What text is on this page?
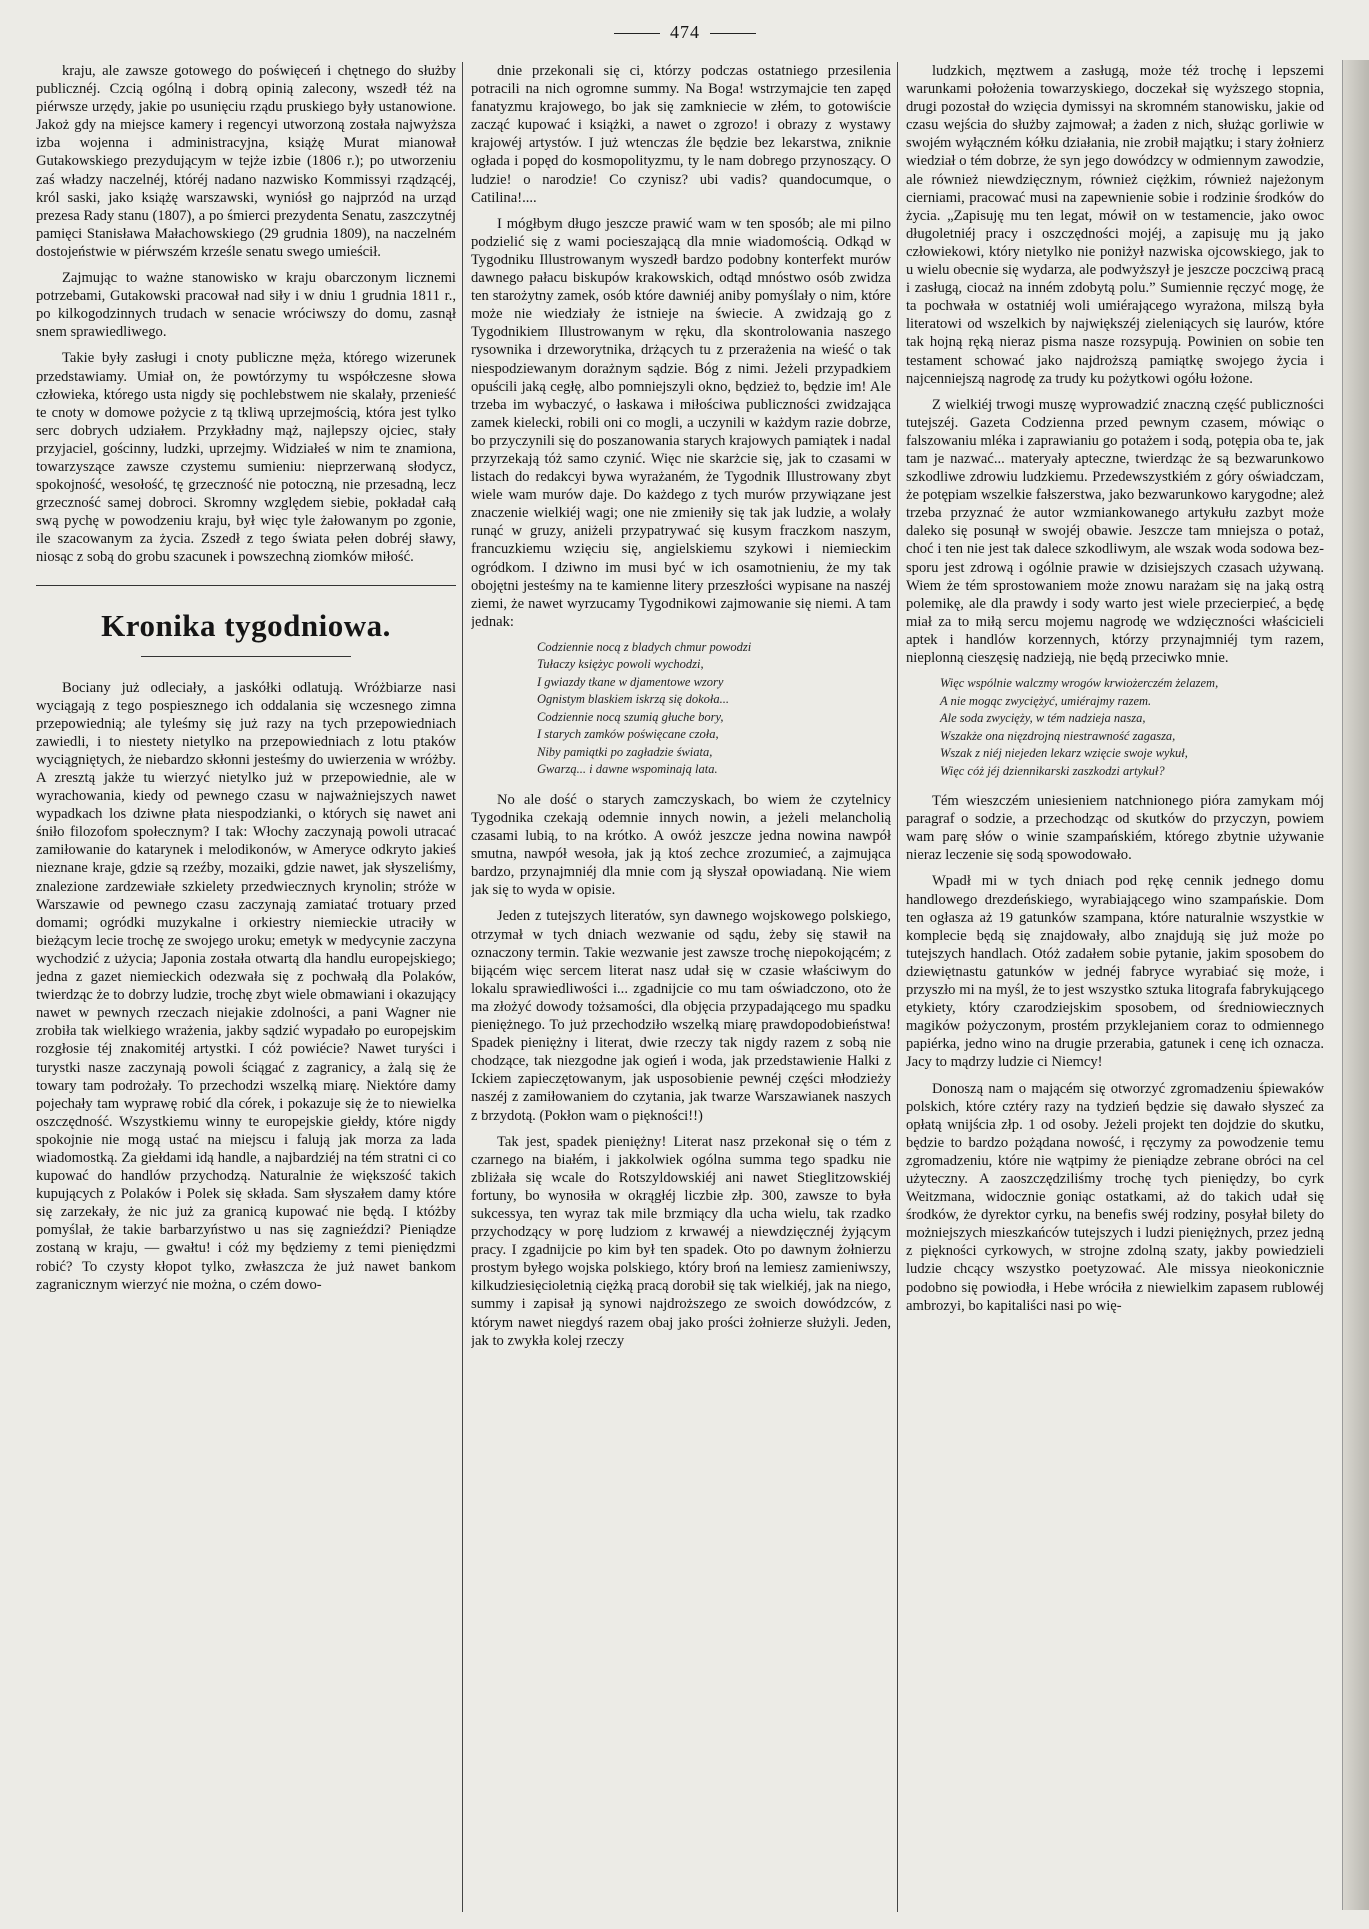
474

kraju, ale zawsze gotowego do poświęceń i chętnego do służby publicznéj. Czcią ogólną i dobrą opinią zalecony, wszedł téż na piérwsze urzędy, jakie po usunięciu rządu pruskiego były ustanowione. Jakoż gdy na miejsce kamery i regencyi utworzoną została najwyższa izba wojenna i administracyjna, książę Murat mianował Gutakowskiego prezydującym w tejże izbie (1806 r.); po utworzeniu zaś władzy naczelnéj, któréj nadano nazwisko Kommissyi rządzącéj, król saski, jako książę warszawski, wyniósł go najprzód na urząd prezesa Rady stanu (1807), a po śmierci prezydenta Senatu, zaszczytnéj pamięci Stanisława Małachowskiego (29 grudnia 1809), na naczelném dostojeństwie w piérwszém krześle senatu swego umieścił.

Zajmując to ważne stanowisko w kraju obarczonym licznemi potrzebami, Gutakowski pracował nad siły i w dniu 1 grudnia 1811 r., po kilkogodzinnych trudach w senacie wróciwszy do domu, zasnął snem sprawiedliwego.

Takie były zasługi i cnoty publiczne męża, którego wizerunek przedstawiamy. Umiał on, że powtórzymy tu współczesne słowa człowieka, którego usta nigdy się pochlebstwem nie skalały, przenieść te cnoty w domowe pożycie z tą tkliwą uprzejmością, która jest tylko serc dobrych udziałem. Przykładny mąż, najlepszy ojciec, stały przyjaciel, gościnny, ludzki, uprzejmy. Widziałeś w nim te znamiona, towarzyszące zawsze czystemu sumieniu: nieprzerwaną słodycz, spokojność, wesołość, tę grzeczność nie potoczną, nie przesadną, lecz grzeczność samej dobroci. Skromny względem siebie, pokładał całą swą pychę w powodzeniu kraju, był więc tyle żałowanym po zgonie, ile szacowanym za życia. Zszedł z tego świata pełen dobréj sławy, niosąc z sobą do grobu szacunek i powszechną ziomków miłość.

Kronika tygodniowa.

Bociany już odleciały, a jaskółki odlatują. Wróżbiarze nasi wyciągają z tego pospiesznego ich oddalania się wczesnego zimna przepowiednią; ale tyleśmy się już razy na tych przepowiedniach zawiedli, i to niestety nietylko na przepowiedniach z lotu ptaków wyciągniętych, że niebardzo skłonni jesteśmy do uwierzenia w wróżby. A zresztą jakże tu wierzyć nietylko już w przepowiednie, ale w wyrachowania, kiedy od pewnego czasu w najważniejszych nawet wypadkach los dziwne płata niespodzianki, o których się nawet ani śniło filozofom społecznym? I tak: Włochy zaczynają powoli utracać zamiłowanie do katarynek i melodikonów, w Ameryce odkryto jakieś nieznane kraje, gdzie są rzeźby, mozaiki, gdzie nawet, jak słyszeliśmy, znalezione zardzewiałe szkielety przedwiecznych krynolin; stróże w Warszawie od pewnego czasu zaczynają zamiatać trotuary przed domami; ogródki muzykalne i orkiestry niemieckie utraciły w bieżącym lecie trochę ze swojego uroku; emetyk w medycynie zaczyna wychodzić z użycia; Japonia została otwartą dla handlu europejskiego; jedna z gazet niemieckich odezwała się z pochwałą dla Polaków, twierdząc że to dobrzy ludzie, trochę zbyt wiele obmawiani i okazujący nawet w pewnych rzeczach niejakie zdolności, a pani Wagner nie zrobiła tak wielkiego wrażenia, jakby sądzić wypadało po europejskim rozgłosie téj znakomitéj artystki. I cóż powiécie? Nawet turyści i turystki nasze zaczynają powoli ściągać z zagranicy, a żalą się że towary tam podrożały. To przechodzi wszelką miarę. Niektóre damy pojechały tam wyprawę robić dla córek, i pokazuje się że to niewielka oszczędność. Wszystkiemu winny te europejskie giełdy, które nigdy spokojnie nie mogą ustać na miejscu i falują jak morza za lada wiadomostką. Za giełdami idą handle, a najbardziéj na tém stratni ci co kupować do handlów przychodzą. Naturalnie że większość takich kupujących z Polaków i Polek się składa. Sam słyszałem damy które się zarzekały, że nic już za granicą kupować nie będą. I któżby pomyślał, że takie barbarzyństwo u nas się zagnieździ? Pieniądze zostaną w kraju, — gwałtu! i cóż my będziemy z temi pieniędzmi robić? To czysty kłopot tylko, zwłaszcza że już nawet bankom zagranicznym wierzyć nie można, o czém dowo-

dnie przekonali się ci, którzy podczas ostatniego przesilenia potracili na nich ogromne summy. Na Boga! wstrzymajcie ten zapęd fanatyzmu krajowego, bo jak się zamkniecie w złém, to gotowiście zacząć kupować i książki, a nawet o zgrozo! i obrazy z wystawy krajowéj artystów. I już wtenczas źle będzie bez lekarstwa, zniknie ogłada i popęd do kosmopolityzmu, ty le nam dobrego przynoszący. O ludzie! o narodzie! Co czynisz? ubi vadis? quandocumque, o Catilina!....

I mógłbym długo jeszcze prawić wam w ten sposób; ale mi pilno podzielić się z wami pocieszającą dla mnie wiadomością. Odkąd w Tygodniku Illustrowanym wyszedł bardzo podobny konterfekt murów dawnego pałacu biskupów krakowskich, odtąd mnóstwo osób zwidza ten starożytny zamek, osób które dawniéj aniby pomyślały o nim, które może nie wiedziały że istnieje na świecie. A zwidzają go z Tygodnikiem Illustrowanym w ręku, dla skontrolowania naszego rysownika i drzeworytnika, drżących tu z przerażenia na wieść o tak niespodziewanym dorażnym sądzie. Bóg z nimi. Jeżeli przypadkiem opuścili jaką cegłę, albo pomniejszyli okno, będzież to, będzie im! Ale trzeba im wybaczyć, o łaskawa i miłościwa publiczności zwidzająca zamek kielecki, robili oni co mogli, a uczynili w każdym razie dobrze, bo przyczynili się do poszanowania starych krajowych pamiątek i nadal przyrzekają tóż samo czynić. Więc nie skarżcie się, jak to czasami w listach do redakcyi bywa wyrażaném, że Tygodnik Illustrowany zbyt wiele wam murów daje. Do każdego z tych murów przywiązane jest znaczenie wielkiéj wagi; one nie zmieniły się tak jak ludzie, a wolały runąć w gruzy, aniżeli przypatrywać się kusym fraczkom naszym, francuzkiemu wzięciu się, angielskiemu szykowi i niemieckim ogródkom. I dziwno im musi być w ich osamotnieniu, że my tak obojętni jesteśmy na te kamienne litery przeszłości wypisane na naszéj ziemi, że nawet wyrzucamy Tygodnikowi zajmowanie się niemi. A tam jednak:

Codziennie nocą z bladych chmur powodzi
Tułaczy księżyc powoli wychodzi,
I gwiazdy tkane w djamentowe wzory
Ognistym blaskiem iskrzą się dokoła...
Codziennie nocą szumią głuche bory,
I starych zamków poświęcane czoła,
Niby pamiątki po zagładzie świata,
Gwarzą... i dawne wspominają lata.

No ale dość o starych zamczyskach, bo wiem że czytelnicy Tygodnika czekają odemnie innych nowin, a jeżeli melancholią czasami lubią, to na krótko. A owóż jeszcze jedna nowina nawpół smutna, nawpół wesoła, jak ją ktoś zechce zrozumieć, a zajmująca bardzo, przynajmniéj dla mnie com ją słyszał opowiadaną. Nie wiem jak się to wyda w opisie.

Jeden z tutejszych literatów, syn dawnego wojskowego polskiego, otrzymał w tych dniach wezwanie od sądu, żeby się stawił na oznaczony termin. Takie wezwanie jest zawsze trochę niepokojącém; z bijącém więc sercem literat nasz udał się w czasie właściwym do lokalu sprawiedliwości i... zgadnijcie co mu tam oświadczono, oto że ma złożyć dowody tożsamości, dla objęcia przypadającego mu spadku pieniężnego. To już przechodziło wszelką miarę prawdopodobieństwa! Spadek pieniężny i literat, dwie rzeczy tak nigdy razem z sobą nie chodzące, tak niezgodne jak ogień i woda, jak przedstawienie Halki z Ickiem zapieczętowanym, jak usposobienie pewnéj części młodzieży naszéj z zamiłowaniem do czytania, jak twarze Warszawianek naszych z brzydotą. (Pokłon wam o piękności!!)

Tak jest, spadek pieniężny! Literat nasz przekonał się o tém z czarnego na białém, i jakkolwiek ogólna summa tego spadku nie zbliżała się wcale do Rotszyldowskiéj ani nawet Stieglitzowskiéj fortuny, bo wynosiła w okrągłéj liczbie złp. 300, zawsze to była sukcessya, ten wyraz tak mile brzmiący dla ucha wielu, tak rzadko przychodzący w porę ludziom z krwawéj a niewdzięcznéj żyjącym pracy. I zgadnijcie po kim był ten spadek. Oto po dawnym żołnierzu prostym byłego wojska polskiego, który broń na lemiesz zamieniwszy, kilkudziesięcioletnią ciężką pracą dorobił się tak wielkiéj, jak na niego, summy i zapisał ją synowi najdroższego ze swoich dowódzców, z którym nawet niegdyś razem obaj jako prości żołnierze służyli. Jeden, jak to zwykła kolej rzeczy

ludzkich, męztwem a zasługą, może téż trochę i lepszemi warunkami położenia towarzyskiego, doczekał się wyższego stopnia, drugi pozostał do wzięcia dymissyi na skromném stanowisku, jakie od czasu wejścia do służby zajmował; a żaden z nich, służąc gorliwie w swojém wyłączném kółku działania, nie zrobił majątku; i stary żołnierz wiedział o tém dobrze, że syn jego dowódzcy w odmiennym zawodzie, ale również niewdzięcznym, również ciężkim, również najeżonym cierniami, pracować musi na zapewnienie sobie i rodzinie środków do życia. „Zapisuję mu ten legat, mówił on w testamencie, jako owoc długoletniéj pracy i oszczędności mojéj, a zapisuję mu ją jako człowiekowi, który nietylko nie poniżył nazwiska ojcowskiego, jak to u wielu obecnie się wydarza, ale podwyższył je jeszcze poczciwą pracą i zasługą, ciocaż na inném zdobytą polu.” Sumiennie ręczyć mogę, że ta pochwała w ostatniéj woli umiérającego wyrażona, milszą była literatowi od wszelkich by największéj zieleniących się laurów, które tak hojną ręką nieraz pisma nasze rozsypują. Powinien on sobie ten testament schować jako najdroższą pamiątkę swojego życia i najcenniejszą nagrodę za trudy ku pożytkowi ogółu łożone.

Z wielkiéj trwogi muszę wyprowadzić znaczną część publiczności tutejszéj. Gazeta Codzienna przed pewnym czasem, mówiąc o falszowaniu mléka i zaprawianiu go potażem i sodą, potępia oba te, jak tam je nazwać... materyały apteczne, twierdząc że są bezwarunkowo szkodliwe zdrowiu ludzkiemu. Przedewszystkiém z góry oświadczam, że potępiam wszelkie fałszerstwa, jako bezwarunkowo karygodne; ależ trzeba przyznać że autor wzmiankowanego artykułu zazbyt może daleko się posunął w swojéj obawie. Jeszcze tam mniejsza o potaż, choć i ten nie jest tak dalece szkodliwym, ale wszak woda sodowa bez-sporu jest zdrową i ogólnie prawie w dzisiejszych czasach używaną. Wiem że tém sprostowaniem może znowu narażam się na jaką ostrą polemikę, ale dla prawdy i sody warto jest wiele przecierpieć, a będę miał za to miłą sercu mojemu nagrodę we wdzięczności właścicieli aptek i handlów korzennych, którzy przynajmniéj tym razem, nieplonną cieszęsię nadzieją, nie będą przeciwko mnie.

Więc wspólnie walczmy wrogów krwiożerczém żelazem,
A nie mogąc zwyciężyć, umiérajmy razem.
Ale soda zwycięży, w tém nadzieja nasza,
Wszakże ona nięzdrojną niestrawność zagasza,
Wszak z niéj niejeden lekarz wzięcie swoje wykuł,
Więc cóż jéj dziennikarski zaszkodzi artykuł?

Tém wieszczém uniesieniem natchnionego pióra zamykam mój paragraf o sodzie, a przechodząc od skutków do przyczyn, powiem wam parę słów o winie szampańskiém, którego zbytnie używanie nieraz leczenie się sodą spowodowało.

Wpadł mi w tych dniach pod rękę cennik jednego domu handlowego drezdeńskiego, wyrabiającego wino szampańskie. Dom ten ogłasza aż 19 gatunków szampana, które naturalnie wszystkie w komplecie będą się znajdowały, albo znajdują się już może po tutejszych handlach. Otóż zadałem sobie pytanie, jakim sposobem do dziewiętnastu gatunków w jednéj fabryce wyrabiać się może, i przyszło mi na myśl, że to jest wszystko sztuka litografa fabrykującego etykiety, który czarodziejskim sposobem, od średniowiecznych magików pożyczonym, prostém przyklejaniem coraz to odmiennego papiérka, jedno wino na drugie przerabia, gatunek i cenę ich oznacza. Jacy to mądrzy ludzie ci Niemcy!

Donoszą nam o mającém się otworzyć zgromadzeniu śpiewaków polskich, które cztéry razy na tydzień będzie się dawało słyszeć za opłatą wnijścia złp. 1 od osoby. Jeżeli projekt ten dojdzie do skutku, będzie to bardzo pożądana nowość, i ręczymy za powodzenie temu zgromadzeniu, które nie wątpimy że pieniądze zebrane obróci na cel użyteczny. A zaoszczędziliśmy trochę tych pieniędzy, bo cyrk Weitzmana, widocznie goniąc ostatkami, aż do takich udał się środków, że dyrektor cyrku, na benefis swéj rodziny, posyłał bilety do możniejszych mieszkańców tutejszych i ludzi pieniężnych, przez jedną z piękności cyrkowych, w strojne zdolną szaty, jakby powiedzieli ludzie chcący wszystko poetyzować. Ale missya nieokonicznie podobno się powiodła, i Hebe wróciła z niewielkim zapasem rublowéj ambrozyi, bo kapitaliści nasi po wię-
